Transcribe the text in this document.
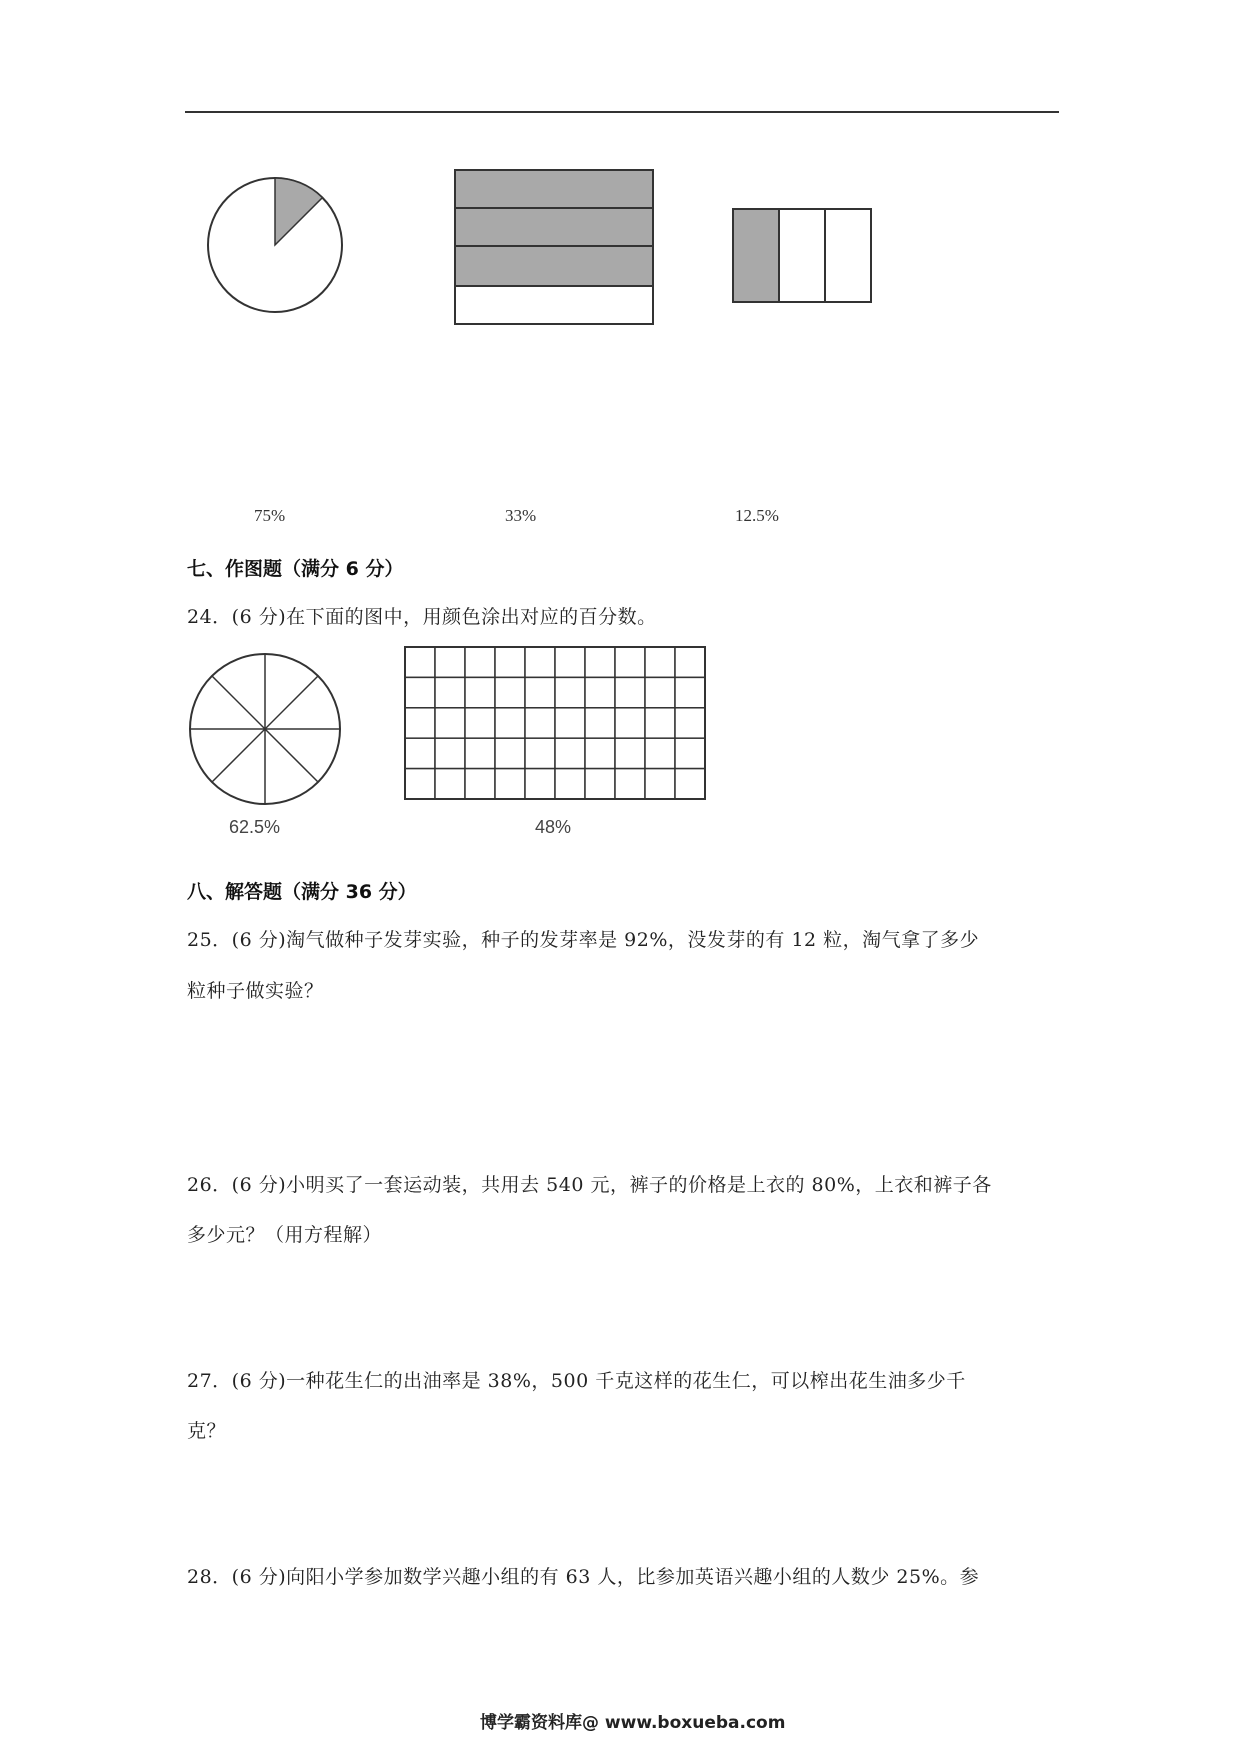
75%	33%	12.5%
七、作图题（满分 6 分）
24．(6 分)在下面的图中，用颜色涂出对应的百分数。
62.5%	48%
八、解答题（满分 36 分）
25．(6 分)淘气做种子发芽实验，种子的发芽率是 92%，没发芽的有 12 粒，淘气拿了多少
粒种子做实验？
26．(6 分)小明买了一套运动装，共用去 540 元，裤子的价格是上衣的 80%，上衣和裤子各
多少元？（用方程解）
27．(6 分)一种花生仁的出油率是 38%，500 千克这样的花生仁，可以榨出花生油多少千
克？
28．(6 分)向阳小学参加数学兴趣小组的有 63 人，比参加英语兴趣小组的人数少 25%。参
博学霸资料库@ www.boxueba.com
